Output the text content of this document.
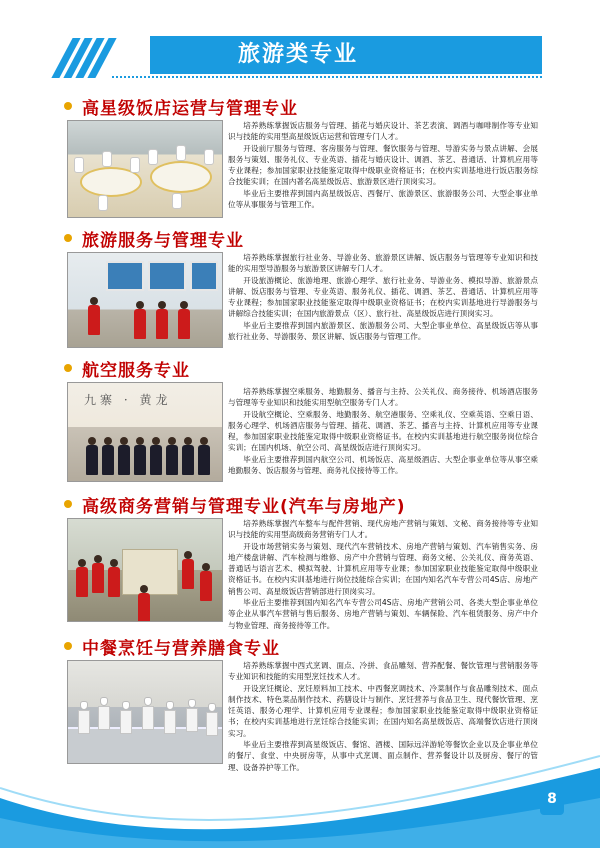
旅游类专业
高星级饭店运营与管理专业

培养熟练掌握饭店服务与管理、插花与婚庆设计、茶艺表演、调酒与咖啡制作等专业知识与技能的实用型高星级饭店运营和管理专门人才。

开设前厅服务与管理、客房服务与管理、餐饮服务与管理、导游实务与景点讲解、会展服务与策划、服务礼仪、专业英语、插花与婚庆设计、调酒、茶艺、普通话、计算机应用等专业课程；参加国家职业技能鉴定取得中级职业资格证书；在校内实训基地进行饭店服务综合技能实训；在国内著名高星级饭店、旅游景区进行顶岗实习。

毕业后主要推荐到国内高星级饭店、西餐厅、旅游景区、旅游服务公司、大型企事业单位等从事服务与管理工作。

旅游服务与管理专业

培养熟练掌握旅行社业务、导游业务、旅游景区讲解、饭店服务与管理等专业知识和技能的实用型导游服务与旅游景区讲解专门人才。

开设旅游概论、旅游地理、旅游心理学、旅行社业务、导游业务、模拟导游、旅游景点讲解、饭店服务与管理、专业英语、服务礼仪、插花、调酒、茶艺、普通话、计算机应用等专业课程；参加国家职业技能鉴定取得中级职业资格证书；在校内实训基地进行导游服务与讲解综合技能实训；在国内旅游景点（区）、旅行社、高星级饭店进行顶岗实习。

毕业后主要推荐到国内旅游景区、旅游服务公司、大型企事业单位、高星级饭店等从事旅行社业务、导游服务、景区讲解、饭店服务与管理工作。

航空服务专业
九寨 · 黄龙

培养熟练掌握空乘服务、地勤服务、播音与主持、公关礼仪、商务接待、机场酒店服务与管理等专业知识和技能实用型航空服务专门人才。

开设航空概论、空乘服务、地勤服务、航空港服务、空乘礼仪、空乘英语、空乘日语、服务心理学、机场酒店服务与管理、插花、调酒、茶艺、播音与主持、计算机应用等专业课程，参加国家职业技能鉴定取得中级职业资格证书。在校内实训基地进行航空服务岗位综合实训；在国内机场、航空公司、高星级饭店进行顶岗实习。

毕业后主要推荐到国内航空公司、机场饭店、高星级酒店、大型企事业单位等从事空乘地勤服务、饭店服务与管理、商务礼仪接待等工作。

高级商务营销与管理专业(汽车与房地产)

培养熟练掌握汽车整车与配件营销、现代房地产营销与策划、文秘、商务接待等专业知识与技能的实用型高级商务营销专门人才。

开设市场营销实务与策划、现代汽车营销技术、房地产营销与策划、汽车销售实务、房地产楼盘讲解、汽车检测与维修、房产中介营销与管理、商务文秘、公关礼仪、商务英语、普通话与语言艺术、模拟驾驶、计算机应用等专业课；参加国家职业技能鉴定取得中级职业资格证书。在校内实训基地进行岗位技能综合实训；在国内知名汽车专营公司4S店、房地产销售公司、高星级饭店营销部进行顶岗实习。

毕业后主要推荐到国内知名汽车专营公司4S店、房地产营销公司、各类大型企事业单位等企业从事汽车营销与售后服务、房地产营销与策划、车辆保险、汽车租赁服务、房产中介与物业管理、商务接待等工作。

中餐烹饪与营养膳食专业

培养熟练掌握中西式烹调、面点、冷拼、食品雕刻、营养配餐、餐饮管理与营销服务等专业知识和技能的实用型烹饪技术人才。

开设烹饪概论、烹饪原料加工技术、中西餐烹调技术、冷菜制作与食品雕刻技术、面点制作技术、特色菜品制作技术、药膳设计与制作、烹饪营养与食品卫生、现代餐饮管理、烹饪英语、服务心理学、计算机应用专业课程；参加国家职业技能鉴定取得中级职业资格证书；在校内实训基地进行烹饪综合技能实训；在国内知名高星级饭店、高端餐饮店进行顶岗实习。

毕业后主要推荐到高星级饭店、餐馆、酒楼、国际远洋游轮等餐饮企业以及企事业单位的餐厅、食堂、中央厨房等，从事中式烹调、面点制作、营养餐设计以及厨房、餐厅的管理、设备养护等工作。

8
